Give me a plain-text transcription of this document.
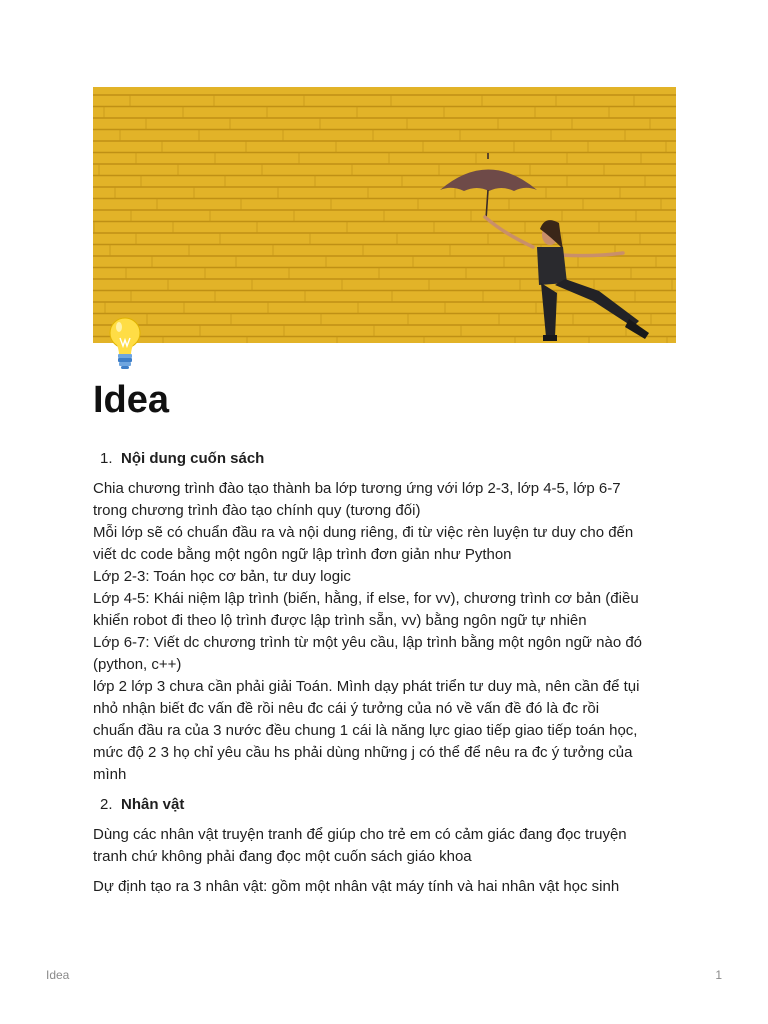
Idea
1. Nội dung cuốn sách

Chia chương trình đào tạo thành ba lớp tương ứng với lớp 2-3, lớp 4-5, lớp 6-7

trong chương trình đào tạo chính quy (tương đối)

Mỗi lớp sẽ có chuẩn đầu ra và nội dung riêng, đi từ việc rèn luyện tư duy cho đến

viết dc code bằng một ngôn ngữ lập trình đơn giản như Python

Lớp 2-3: Toán học cơ bản, tư duy logic

Lớp 4-5: Khái niệm lập trình (biến, hằng, if else, for vv), chương trình cơ bản (điều

khiển robot đi theo lộ trình được lập trình sẵn, vv) bằng ngôn ngữ tự nhiên

Lớp 6-7: Viết dc chương trình từ một yêu cầu, lập trình bằng một ngôn ngữ nào đó

(python, c++)

lớp 2 lớp 3 chưa cần phải giải Toán. Mình dạy phát triển tư duy mà, nên cần để tụi

nhỏ nhận biết đc vấn đề rồi nêu đc cái ý tưởng của nó về vấn đề đó là đc rồi

chuẩn đầu ra của 3 nước đều chung 1 cái là năng lực giao tiếp giao tiếp toán học,

mức độ 2 3 họ chỉ yêu cầu hs phải dùng những j có thể để nêu ra đc ý tưởng của

mình

2. Nhân vật

Dùng các nhân vật truyện tranh để giúp cho trẻ em có cảm giác đang đọc truyện

tranh chứ không phải đang đọc một cuốn sách giáo khoa

Dự định tạo ra 3 nhân vật: gồm một nhân vật máy tính và hai nhân vật học sinh

Idea	1
